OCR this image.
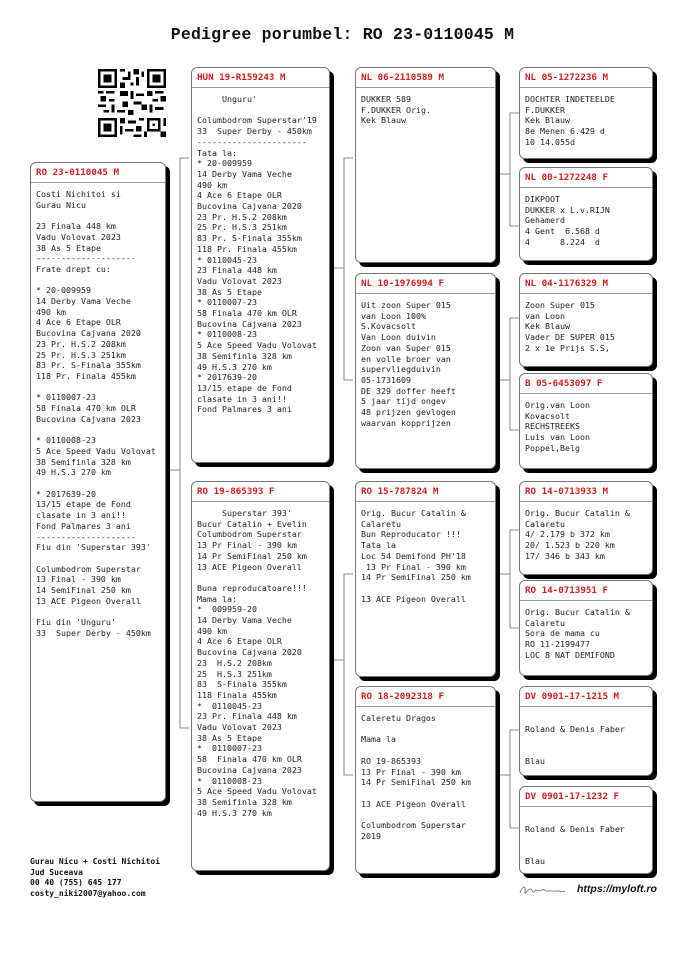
Pedigree porumbel: RO 23-0110045 M
RO 23-0110045 M
Costi Nichitoi si
Gurau Nicu

23 Finala 448 km
Vadu Volovat 2023
38 As 5 Etape
--------------------
Frate drept cu:

* 20-009959
14 Derby Vama Veche
490 km
4 Ace 6 Etape OLR
Bucovina Cajvana 2020
23 Pr. H.S.2 208km
25 Pr. H.S.3 251km
83 Pr. S-Finala 355km
118 Pr. Finala 455km

* 0110007-23
58 Finala 470 km OLR
Bucovina Cajvana 2023

* 0110008-23
5 Ace Speed Vadu Volovat
38 Semifinla 328 km
49 H.S.3 270 km

* 2017639-20
13/15 etape de Fond
clasate in 3 ani!!
Fond Palmares 3 ani
--------------------
Fiu din 'Superstar 393'

Columbodrom Superstar
13 Final - 390 km
14 SemiFinal 250 km
13 ACE Pigeon Overall

Fiu din 'Unguru'
33  Super Derby - 450km
HUN 19-R159243 M
Unguru'

Columbodrom Superstar'19
33  Super Derby - 450km
----------------------
Tata la:
* 20-009959
14 Derby Vama Veche
490 km
4 Ace 6 Etape OLR
Bucovina Cajvana 2020
23 Pr. H.S.2 208km
25 Pr. H.S.3 251km
83 Pr. S-Finala 355km
118 Pr. Finala 455km
* 0110045-23
23 Finala 448 km
Vadu Volovat 2023
38 As 5 Etape
* 0110007-23
58 Finala 470 km OLR
Bucovina Cajvana 2023
* 0110008-23
5 Ace Speed Vadu Volovat
38 Semifinla 328 km
49 H.S.3 270 km
* 2017639-20
13/15 etape de Fond
clasate in 3 ani!!
Fond Palmares 3 ani
RO 19-865393 F
Superstar 393'
Bucur Catalin + Evelin
Columbodrom Superstar
13 Pr Final - 390 km
14 Pr SemiFinal 250 km
13 ACE Pigeon Overall

Buna reproducatoare!!!
Mama la:
*  009959-20
14 Derby Vama Veche
490 km
4 Ace 6 Etape OLR
Bucovina Cajvana 2020
23  H.S.2 208km
25  H.S.3 251km
83  S-Finala 355km
118 Finala 455km
*  0110045-23
23 Pr. Finala 448 km
Vadu Volovat 2023
38 As 5 Etape
*  0110007-23
58  Finala 470 km OLR
Bucovina Cajvana 2023
*  0110008-23
5 Ace Speed Vadu Volovat
38 Semifinla 328 km
49 H.S.3 270 km
NL 06-2110589 M
DUKKER 589
F.DUKKER Orig.
Kek Blauw
NL 10-1976994 F
Uit zoon Super 015
van Loon 100%
S.Kovacsolt
Van Loon duivin
Zoon van Super 015
en volle broer van
supervliegduivin
05-1731609
DE 329 doffer heeft
5 jaar tijd ongev
48 prijzen gevlogen
waarvan kopprijzen
RO 15-787824 M
Orig. Bucur Catalin &
Calaretu
Bun Reproducator !!!
Tata la
Loc 54 Demifond PH'18
13 Pr Final - 390 km
14 Pr SemiFinal 250 km

13 ACE Pigeon Overall
RO 18-2092318 F
Caleretu Dragos

Mama la

RO 19-865393
13 Pr Final - 390 km
14 Pr SemiFinal 250 km

13 ACE Pigeon Overall

Columbodrom Superstar
2019
NL 05-1272236 M
DOCHTER INDETEELDE
F.DUKKER
Kek Blauw
8e Menen 6.429 d
10 14.055d
NL 00-1272248 F
DIKPOOT
DUKKER x L.v.RIJN
Gehamerd
4 Gent  6.568 d
4      8.224  d
NL 04-1176329 M
Zoon Super 015
van Loon
Kek Blauw
Vader DE SUPER 015
2 x 1e Prijs S.S,
B 05-6453097 F
Orig.van Loon
Kovacsolt
RECHSTREEKS
Luis van Loon
Poppel,Belg
RO 14-0713933 M
Orig. Bucur Catalin &
Calaretu
4/ 2.179 b 372 km
20/ 1.523 b 220 km
17/ 346 b 343 km
RO 14-0713951 F
Orig. Bucur Catalin &
Calaretu
Sora de mama cu
RO 11-2199477
LOC 8 NAT DEMIFOND
DV 0901-17-1215 M

Roland & Denis Faber

Blau
DV 0901-17-1232 F

Roland & Denis Faber

Blau
Gurau Nicu + Costi Nichitoi
Jud Suceava
00 40 (755) 645 177
costy_niki2007@yahoo.com	https://myloft.ro
